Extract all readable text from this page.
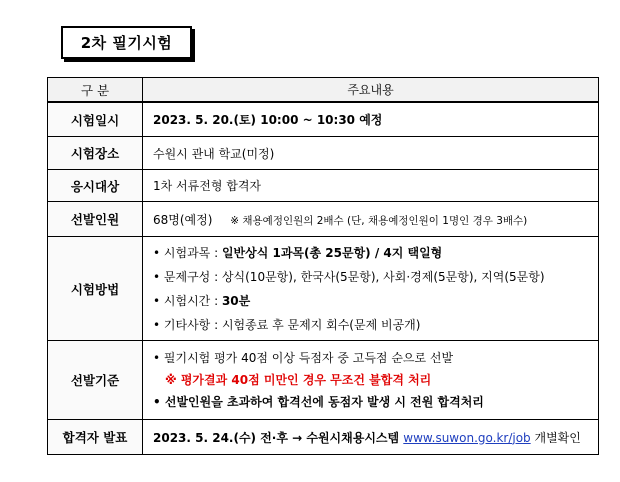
2차 필기시험
구 분	주요내용
시험일시	2023. 5. 20.(토) 10:00 ~ 10:30 예정
시험장소	수원시 관내 학교(미정)
응시대상	1차 서류전형 합격자
선발인원	68명(예정) ※ 채용예정인원의 2배수 (단, 채용예정인원이 1명인 경우 3배수)
시험방법	• 시험과목 : 일반상식 1과목(총 25문항) / 4지 택일형
• 문제구성 : 상식(10문항), 한국사(5문항), 사회·경제(5문항), 지역(5문항)
• 시험시간 : 30분
• 기타사항 : 시험종료 후 문제지 회수(문제 비공개)

선발기준	• 필기시험 평가 40점 이상 득점자 중 고득점 순으로 선발
※ 평가결과 40점 미만인 경우 무조건 불합격 처리
• 선발인원을 초과하여 합격선에 동점자 발생 시 전원 합격처리

합격자 발표	2023. 5. 24.(수) 전·후 → 수원시채용시스템 www.suwon.go.kr/job 개별확인
